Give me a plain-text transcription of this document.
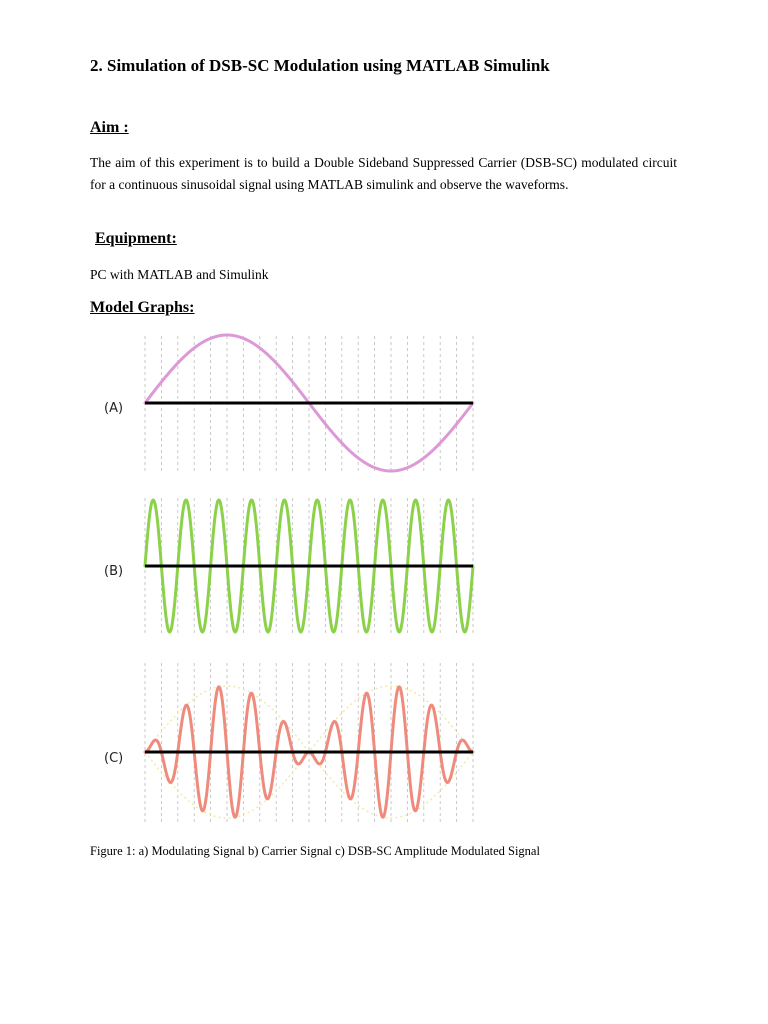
2. Simulation of DSB-SC Modulation using MATLAB Simulink
Aim :

The aim of this experiment is to build a Double Sideband Suppressed Carrier (DSB-SC) modulated circuit for a continuous sinusoidal signal using MATLAB simulink and observe the waveforms.

Equipment:

PC with MATLAB and Simulink

Model Graphs:
(A)
(B)
(C)

Figure 1: a) Modulating Signal b) Carrier Signal c) DSB-SC Amplitude Modulated Signal
